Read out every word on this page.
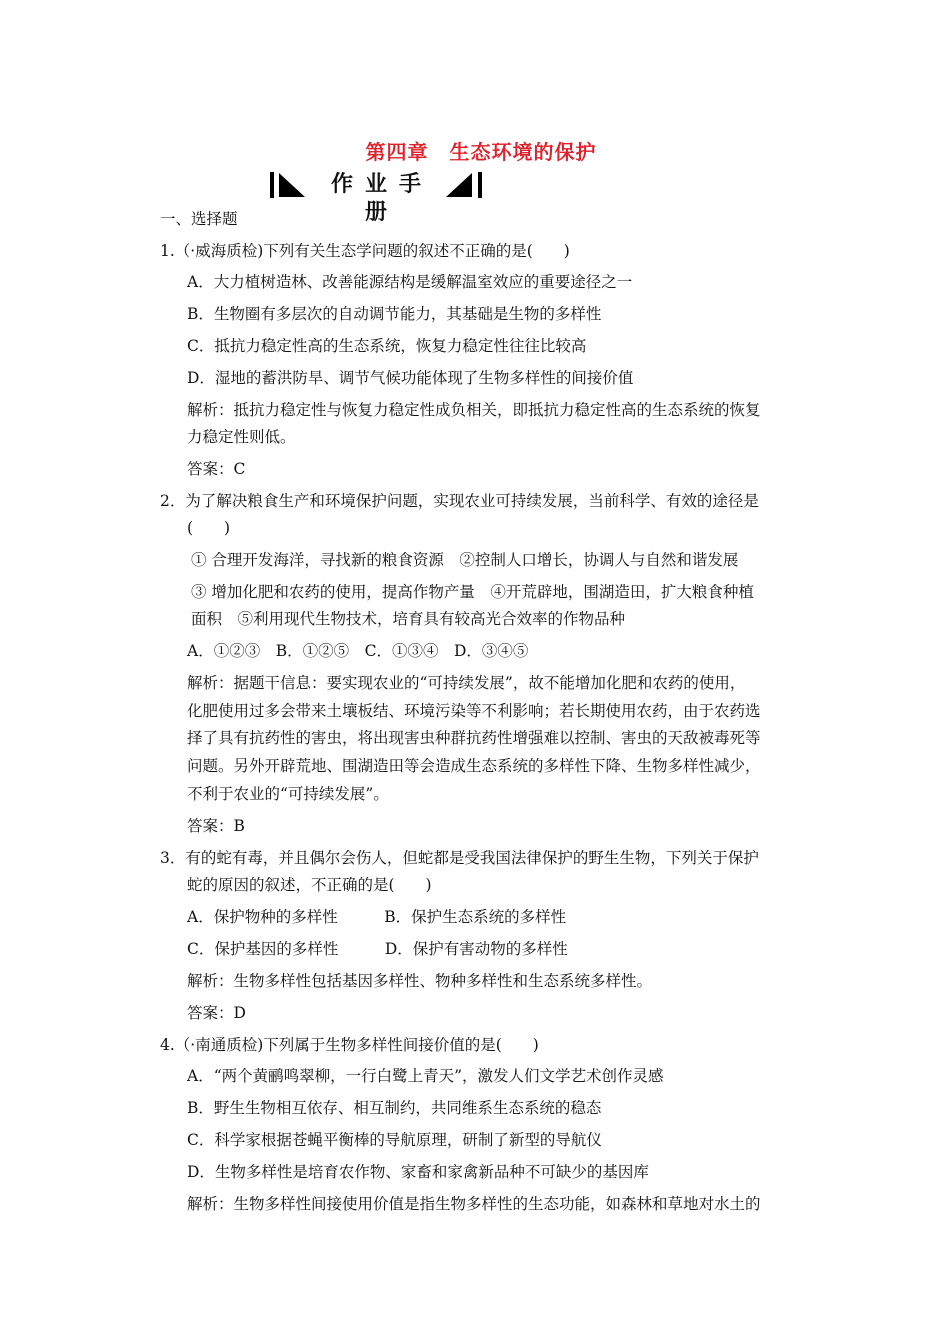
第四章　生态环境的保护
作业手册
一、选择题
1.（·威海质检)下列有关生态学问题的叙述不正确的是(　　)
A．大力植树造林、改善能源结构是缓解温室效应的重要途径之一
B．生物圈有多层次的自动调节能力，其基础是生物的多样性
C．抵抗力稳定性高的生态系统，恢复力稳定性往往比较高
D．湿地的蓄洪防旱、调节气候功能体现了生物多样性的间接价值
解析：抵抗力稳定性与恢复力稳定性成负相关，即抵抗力稳定性高的生态系统的恢复
力稳定性则低。
答案：C
2．为了解决粮食生产和环境保护问题，实现农业可持续发展，当前科学、有效的途径是
(　　)
① 合理开发海洋，寻找新的粮食资源　②控制人口增长，协调人与自然和谐发展
③ 增加化肥和农药的使用，提高作物产量　④开荒辟地，围湖造田，扩大粮食种植
面积　⑤利用现代生物技术，培育具有较高光合效率的作物品种
A．①②③　B．①②⑤　C．①③④　D．③④⑤
解析：据题干信息：要实现农业的“可持续发展”，故不能增加化肥和农药的使用，
化肥使用过多会带来土壤板结、环境污染等不利影响；若长期使用农药，由于农药选
择了具有抗药性的害虫，将出现害虫种群抗药性增强难以控制、害虫的天敌被毒死等
问题。另外开辟荒地、围湖造田等会造成生态系统的多样性下降、生物多样性减少，
不利于农业的“可持续发展”。
答案：B
3．有的蛇有毒，并且偶尔会伤人，但蛇都是受我国法律保护的野生生物，下列关于保护
蛇的原因的叙述，不正确的是(　　)
A．保护物种的多样性　　　B．保护生态系统的多样性
C．保护基因的多样性　　　D．保护有害动物的多样性
解析：生物多样性包括基因多样性、物种多样性和生态系统多样性。
答案：D
4.（·南通质检)下列属于生物多样性间接价值的是(　　)
A．“两个黄鹂鸣翠柳，一行白鹭上青天”，激发人们文学艺术创作灵感
B．野生生物相互依存、相互制约，共同维系生态系统的稳态
C．科学家根据苍蝇平衡棒的导航原理，研制了新型的导航仪
D．生物多样性是培育农作物、家畜和家禽新品种不可缺少的基因库
解析：生物多样性间接使用价值是指生物多样性的生态功能，如森林和草地对水土的
